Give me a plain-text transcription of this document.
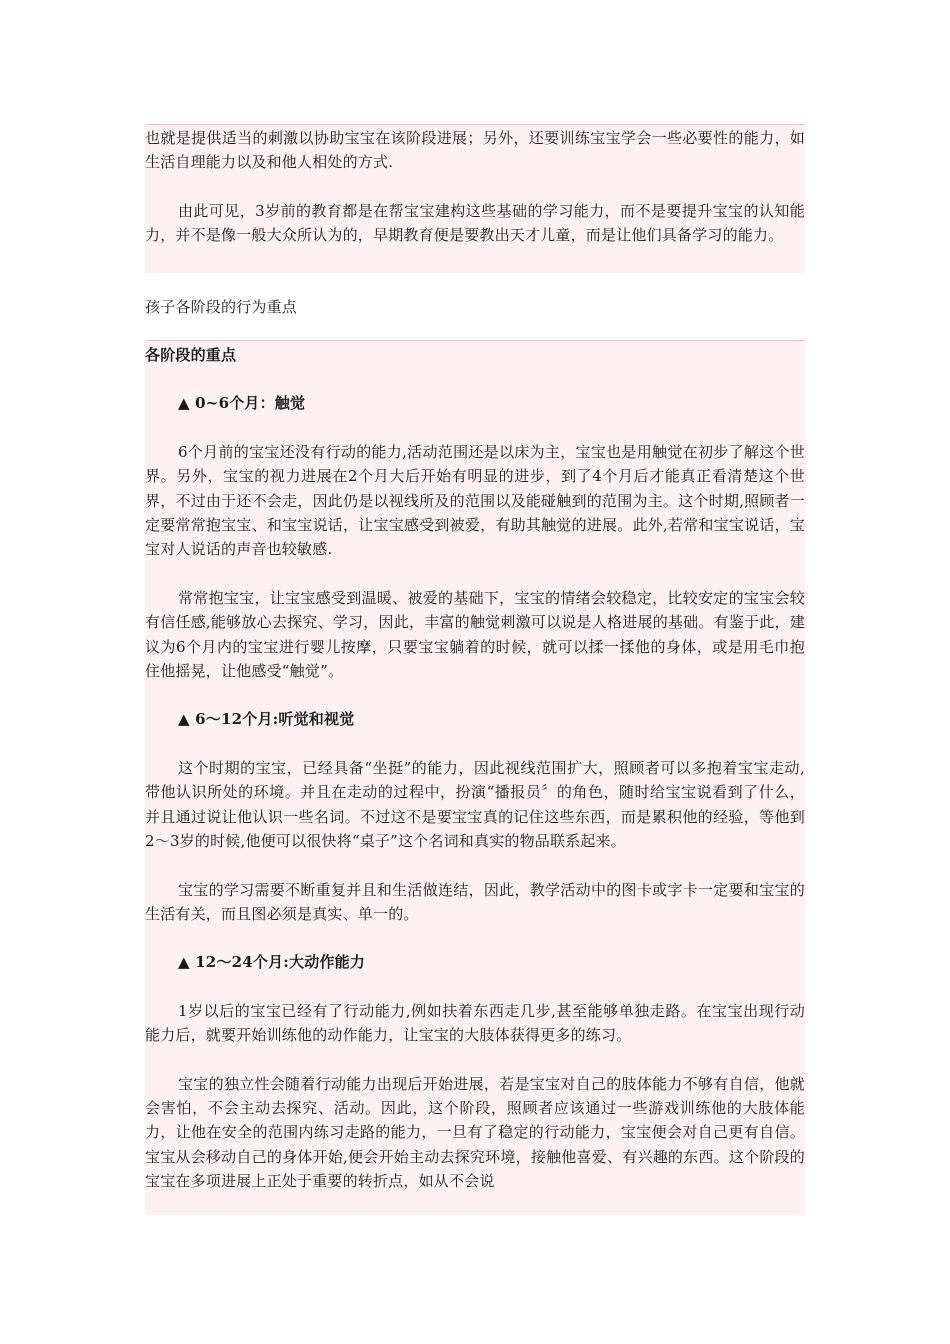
也就是提供适当的刺激以协助宝宝在该阶段进展；另外，还要训练宝宝学会一些必要性的能力，如生活自理能力以及和他人相处的方式.

由此可见，3岁前的教育都是在帮宝宝建构这些基础的学习能力，而不是要提升宝宝的认知能力，并不是像一般大众所认为的，早期教育便是要教出天才儿童，而是让他们具备学习的能力。

孩子各阶段的行为重点

各阶段的重点

▲ 0~6个月：触觉

6个月前的宝宝还没有行动的能力,活动范围还是以床为主，宝宝也是用触觉在初步了解这个世界。另外，宝宝的视力进展在2个月大后开始有明显的进步，到了4个月后才能真正看清楚这个世界，不过由于还不会走，因此仍是以视线所及的范围以及能碰触到的范围为主。这个时期,照顾者一定要常常抱宝宝、和宝宝说话，让宝宝感受到被爱，有助其触觉的进展。此外,若常和宝宝说话，宝宝对人说话的声音也较敏感.

常常抱宝宝，让宝宝感受到温暖、被爱的基础下，宝宝的情绪会较稳定，比较安定的宝宝会较有信任感,能够放心去探究、学习，因此，丰富的触觉刺激可以说是人格进展的基础。有鉴于此，建议为6个月内的宝宝进行婴儿按摩，只要宝宝躺着的时候，就可以揉一揉他的身体，或是用毛巾抱住他摇晃，让他感受“触觉”。

▲ 6～12个月:听觉和视觉

这个时期的宝宝，已经具备“坐挺”的能力，因此视线范围扩大，照顾者可以多抱着宝宝走动,带他认识所处的环境。并且在走动的过程中，扮演“播报员〞的角色，随时给宝宝说看到了什么，并且通过说让他认识一些名词。不过这不是要宝宝真的记住这些东西，而是累积他的经验，等他到2～3岁的时候,他便可以很快将“桌子”这个名词和真实的物品联系起来。

宝宝的学习需要不断重复并且和生活做连结，因此，教学活动中的图卡或字卡一定要和宝宝的生活有关，而且图必须是真实、单一的。

▲ 12～24个月:大动作能力

1岁以后的宝宝已经有了行动能力,例如扶着东西走几步,甚至能够单独走路。在宝宝出现行动能力后，就要开始训练他的动作能力，让宝宝的大肢体获得更多的练习。

宝宝的独立性会随着行动能力出现后开始进展，若是宝宝对自己的肢体能力不够有自信，他就会害怕，不会主动去探究、活动。因此，这个阶段，照顾者应该通过一些游戏训练他的大肢体能力，让他在安全的范围内练习走路的能力，一旦有了稳定的行动能力，宝宝便会对自己更有自信。宝宝从会移动自己的身体开始,便会开始主动去探究环境，接触他喜爱、有兴趣的东西。这个阶段的宝宝在多项进展上正处于重要的转折点，如从不会说
